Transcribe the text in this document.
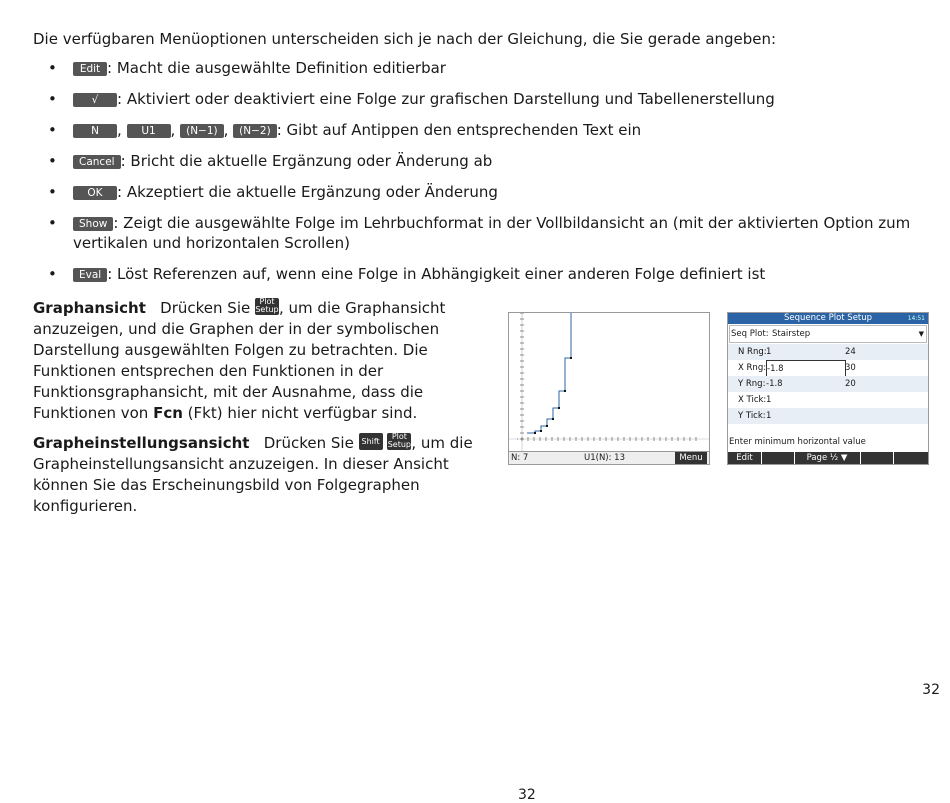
Die verfügbaren Menüoptionen unterscheiden sich je nach der Gleichung, die Sie gerade angeben:

• Edit : Macht die ausgewählte Definition editierbar
•	√ : Aktiviert oder deaktiviert eine Folge zur grafischen Darstellung und Tabellenerstellung
•	N , U1 , (N−1) , (N−2) : Gibt auf Antippen den entsprechenden Text ein
• Cancel : Bricht die aktuelle Ergänzung oder Änderung ab
•	OK : Akzeptiert die aktuelle Ergänzung oder Änderung
• Show : Zeigt die ausgewählte Folge im Lehrbuchformat in der Vollbildansicht an (mit der aktivierten Option zum vertikalen und horizontalen Scrollen)
• Eval : Löst Referenzen auf, wenn eine Folge in Abhängigkeit einer anderen Folge definiert ist

Graphansicht Drücken Sie	Plot
Setup , um die Graphansicht anzuzeigen, und die Graphen der in der symbolischen Darstellung ausgewählten Folgen zu betrachten. Die Funktionen entsprechen den Funktionen in der Funktionsgraphansicht, mit der Ausnahme, dass die Funktionen von Fcn (Fkt) hier nicht verfügbar sind.

Grapheinstellungsansicht Drücken Sie Shift

Plot
Setup , um die Grapheinstellungsansicht anzuzeigen. In dieser Ansicht können Sie das Erscheinungsbild von Folgegraphen konfigurieren.

N: 7	U1(N): 13	Menu
Sequence Plot Setup	14:51
Seq Plot: Stairstep	▼
N Rng: 1	24
X Rng: -1.8	30
Y Rng: -1.8	20
X Tick: 1
Y Tick: 1
Enter minimum horizontal value
Edit	Page ½ ▼
32
32
